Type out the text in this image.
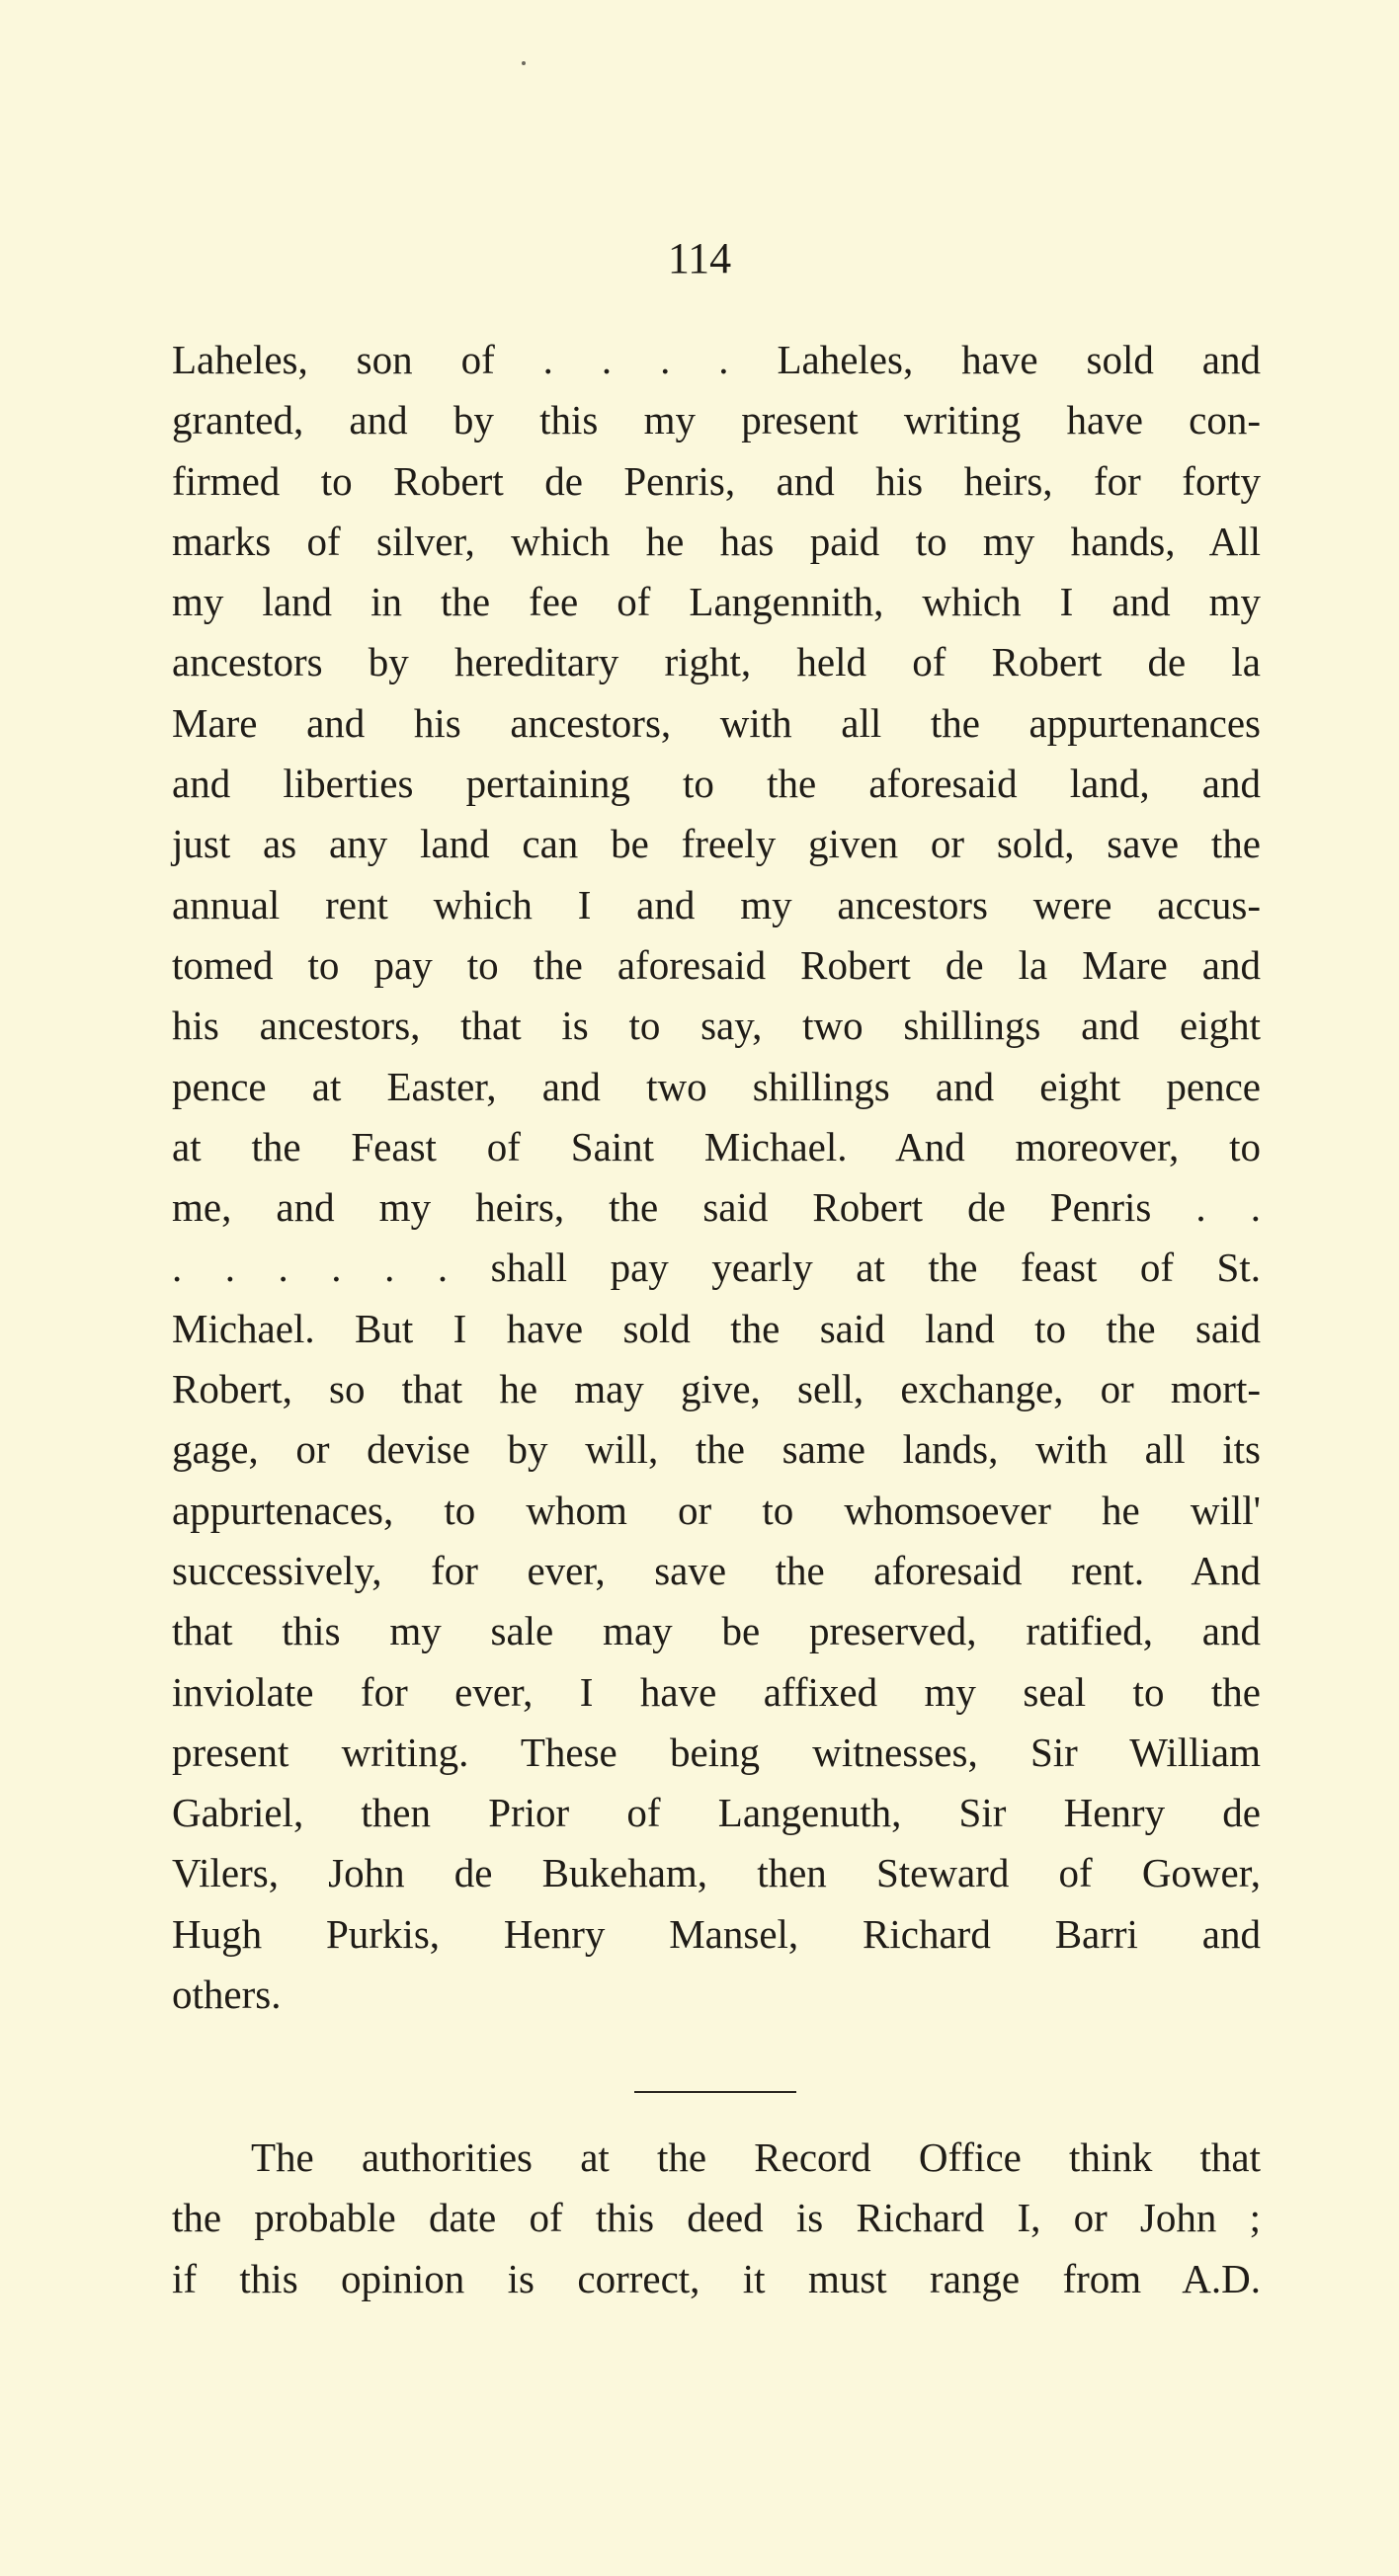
114
Laheles, son of . . . . Laheles, have sold and
granted, and by this my present writing have con-
firmed to Robert de Penris, and his heirs, for forty
marks of silver, which he has paid to my hands, All
my land in the fee of Langennith, which I and my
ancestors by hereditary right, held of Robert de la
Mare and his ancestors, with all the appurtenances
and liberties pertaining to the aforesaid land, and
just as any land can be freely given or sold, save the
annual rent which I and my ancestors were accus-
tomed to pay to the aforesaid Robert de la Mare and
his ancestors, that is to say, two shillings and eight
pence at Easter, and two shillings and eight pence
at the Feast of Saint Michael. And moreover, to
me, and my heirs, the said Robert de Penris . .
. . . . . . shall pay yearly at the feast of St.
Michael. But I have sold the said land to the said
Robert, so that he may give, sell, exchange, or mort-
gage, or devise by will, the same lands, with all its
appurtenaces, to whom or to whomsoever he will'
successively, for ever, save the aforesaid rent. And
that this my sale may be preserved, ratified, and
inviolate for ever, I have affixed my seal to the
present writing. These being witnesses, Sir William
Gabriel, then Prior of Langenuth, Sir Henry de
Vilers, John de Bukeham, then Steward of Gower,
Hugh Purkis, Henry Mansel, Richard Barri and
others.
The authorities at the Record Office think that
the probable date of this deed is Richard I, or John ;
if this opinion is correct, it must range from A.D.
